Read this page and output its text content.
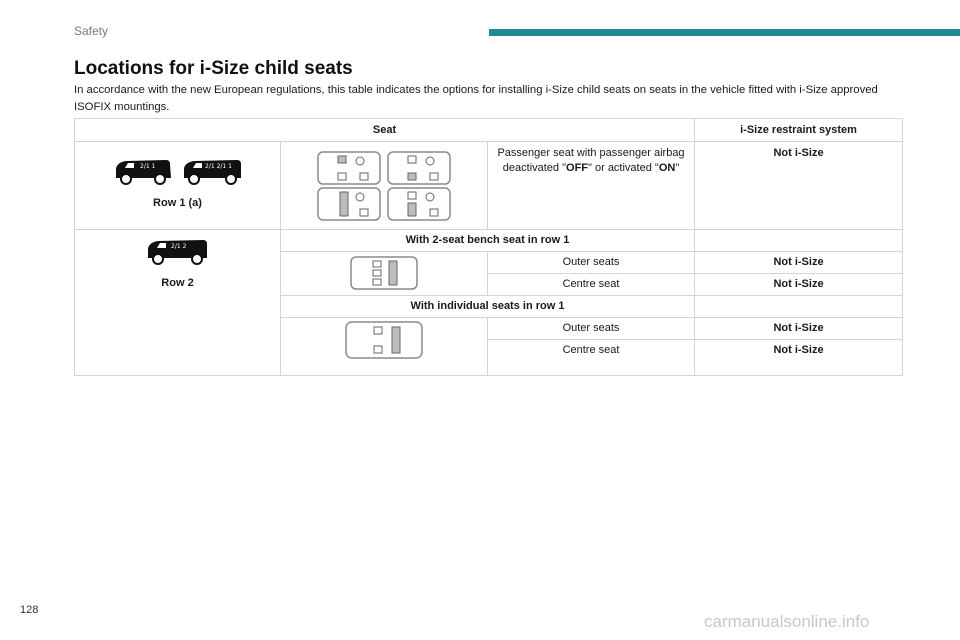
Safety
Locations for i-Size child seats
In accordance with the new European regulations, this table indicates the options for installing i-Size child seats on seats in the vehicle fitted with i-Size approved ISOFIX mountings.
Seat			i-Size restraint system

2/1 1
2/1 2/1 1
Row 1 (a)		Passenger seat with passenger airbag deactivated "OFF" or activated "ON"	Not i-Size

2/1 2
Row 2	With 2-seat bench seat in row 1		

Outer seats	Not i-Size

		Centre seat	Not i-Size

	With individual seats in row 1		

Outer seats	Not i-Size

		Centre seat	Not i-Size
128
carmanualsonline.info
